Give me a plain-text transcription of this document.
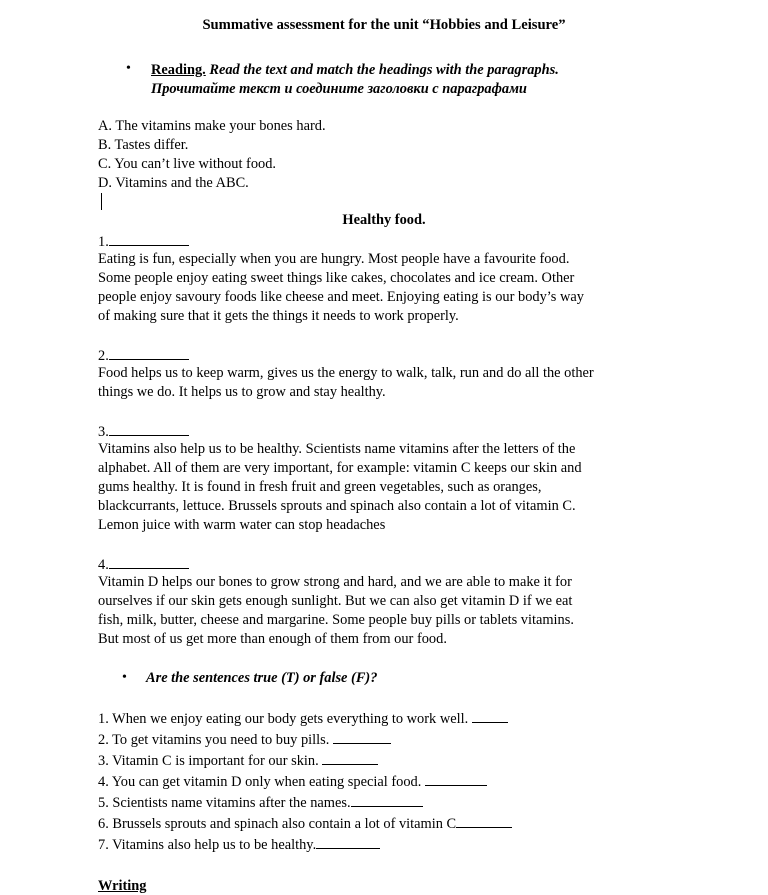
Summative assessment for the unit “Hobbies and Leisure”
• Reading. Read the text and match the headings with the paragraphs.
Прочитайте текст и соедините заголовки с параграфами
A. The vitamins make your bones hard.
B. Tastes differ.
C. You can’t live without food.
D. Vitamins and the ABC.
Healthy food.
1.
Eating is fun, especially when you are hungry. Most people have a favourite food.
Some people enjoy eating sweet things like cakes, chocolates and ice cream. Other
people enjoy savoury foods like cheese and meet. Enjoying eating is our body’s way
of making sure that it gets the things it needs to work properly.
2.
Food helps us to keep warm, gives us the energy to walk, talk, run and do all the other
things we do. It helps us to grow and stay healthy.
3.
Vitamins also help us to be healthy. Scientists name vitamins after the letters of the
alphabet. All of them are very important, for example: vitamin C keeps our skin and
gums healthy. It is found in fresh fruit and green vegetables, such as oranges,
blackcurrants, lettuce. Brussels sprouts and spinach also contain a lot of vitamin C.
Lemon juice with warm water can stop headaches
4.
Vitamin D helps our bones to grow strong and hard, and we are able to make it for
ourselves if our skin gets enough sunlight. But we can also get vitamin D if we eat
fish, milk, butter, cheese and margarine. Some people buy pills or tablets vitamins.
But most of us get more than enough of them from our food.
• Are the sentences true (T) or false (F)?
1. When we enjoy eating our body gets everything to work well.
2. To get vitamins you need to buy pills.
3. Vitamin C is important for our skin.
4. You can get vitamin D only when eating special food.
5. Scientists name vitamins after the names.
6. Brussels sprouts and spinach also contain a lot of vitamin C
7. Vitamins also help us to be healthy.
Writing
